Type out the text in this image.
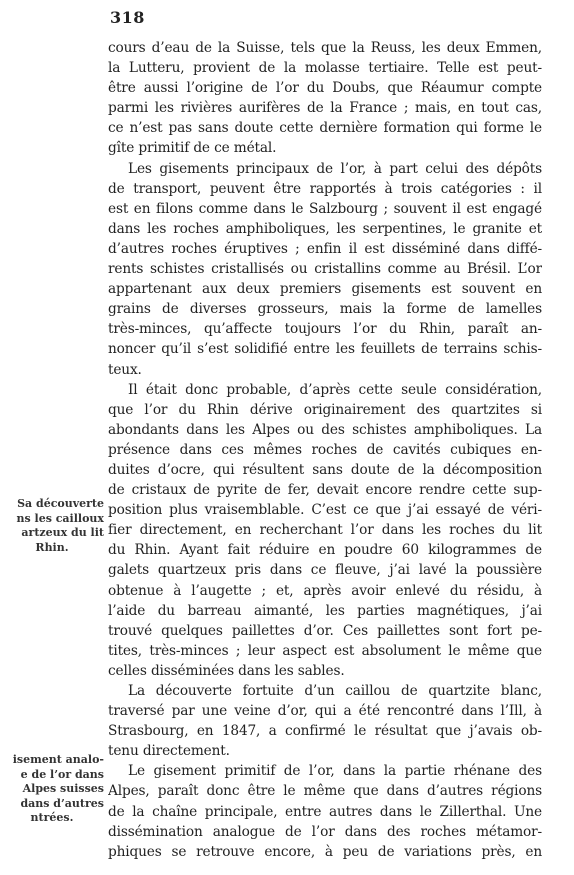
318
cours d’eau de la Suisse, tels que la Reuss, les deux Emmen,
la Lutteru, provient de la molasse tertiaire. Telle est peut-
être aussi l’origine de l’or du Doubs, que Réaumur compte
parmi les rivières aurifères de la France ; mais, en tout cas,
ce n’est pas sans doute cette dernière formation qui forme le
gîte primitif de ce métal.
Les gisements principaux de l’or, à part celui des dépôts
de transport, peuvent être rapportés à trois catégories : il
est en filons comme dans le Salzbourg ; souvent il est engagé
dans les roches amphiboliques, les serpentines, le granite et
d’autres roches éruptives ; enfin il est disséminé dans diffé-
rents schistes cristallisés ou cristallins comme au Brésil. L’or
appartenant aux deux premiers gisements est souvent en
grains de diverses grosseurs, mais la forme de lamelles
très-minces, qu’affecte toujours l’or du Rhin, paraît an-
noncer qu’il s’est solidifié entre les feuillets de terrains schis-
teux.
Il était donc probable, d’après cette seule considération,
que l’or du Rhin dérive originairement des quartzites si
abondants dans les Alpes ou des schistes amphiboliques. La
présence dans ces mêmes roches de cavités cubiques en-
duites d’ocre, qui résultent sans doute de la décomposition
de cristaux de pyrite de fer, devait encore rendre cette sup-
position plus vraisemblable. C’est ce que j’ai essayé de véri-
fier directement, en recherchant l’or dans les roches du lit
du Rhin. Ayant fait réduire en poudre 60 kilogrammes de
galets quartzeux pris dans ce fleuve, j’ai lavé la poussière
obtenue à l’augette ; et, après avoir enlevé du résidu, à
l’aide du barreau aimanté, les parties magnétiques, j’ai
trouvé quelques paillettes d’or. Ces paillettes sont fort pe-
tites, très-minces ; leur aspect est absolument le même que
celles disséminées dans les sables.
La découverte fortuite d’un caillou de quartzite blanc,
traversé par une veine d’or, qui a été rencontré dans l’Ill, à
Strasbourg, en 1847, a confirmé le résultat que j’avais ob-
tenu directement.
Le gisement primitif de l’or, dans la partie rhénane des
Alpes, paraît donc être le même que dans d’autres régions
de la chaîne principale, entre autres dans le Zillerthal. Une
dissémination analogue de l’or dans des roches métamor-
phiques se retrouve encore, à peu de variations près, en
Sa découverte
ns les cailloux
artzeux du lit
Rhin.
isement analo-
e de l’or dans
Alpes suisses
dans d’autres
ntrées.
